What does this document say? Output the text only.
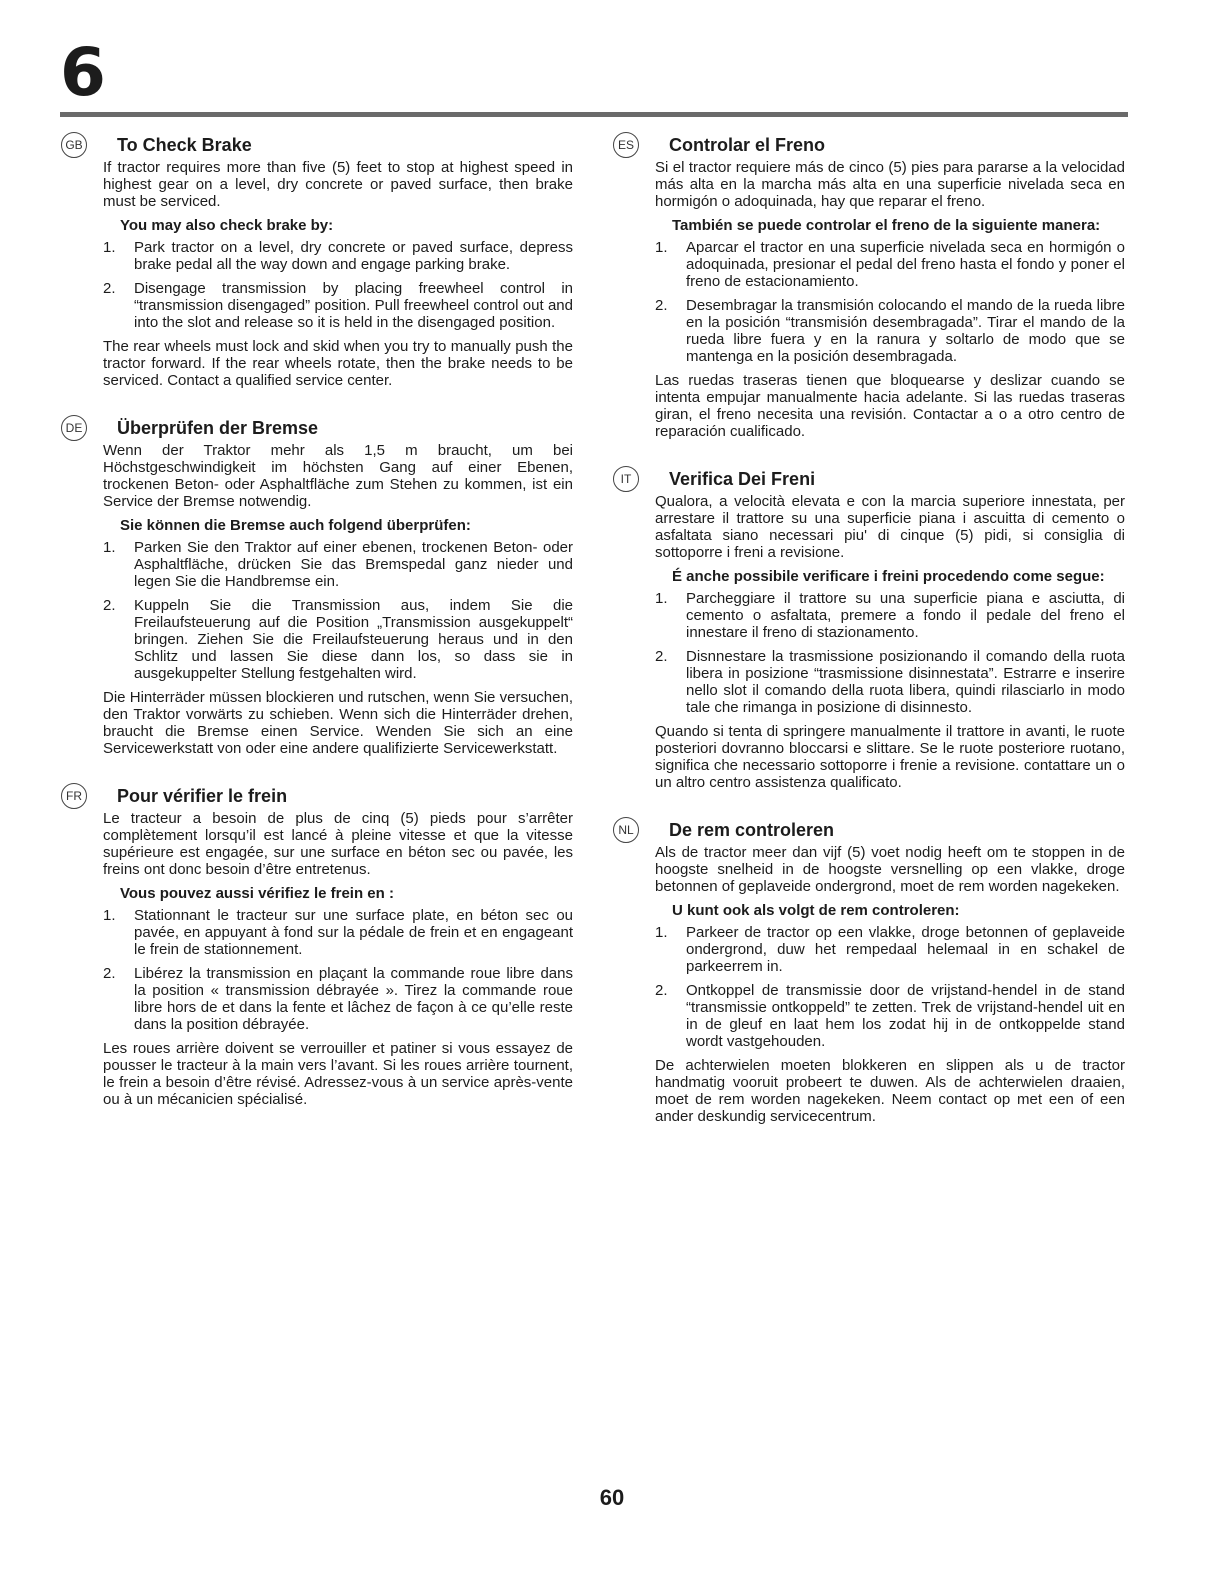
6
GB	To Check Brake

If tractor requires more than five (5) feet to stop at highest speed in highest gear on a level, dry concrete or paved surface, then brake must be serviced.

You may also check brake by:
1.	Park tractor on a level, dry concrete or paved surface, depress brake pedal all the way down and engage parking brake.
2.	Disengage transmission by placing freewheel control in “transmission disengaged” position. Pull freewheel control out and into the slot and release so it is held in the disengaged position.

The rear wheels must lock and skid when you try to manually push the tractor forward. If the rear wheels rotate, then the brake needs to be serviced. Contact a qualified service center.

DE	Überprüfen der Bremse

Wenn der Traktor mehr als 1,5 m braucht, um bei Höchstgeschwindigkeit im höchsten Gang auf einer Ebenen, trockenen Beton- oder Asphaltfläche zum Stehen zu kommen, ist ein Service der Bremse notwendig.

Sie können die Bremse auch folgend überprüfen:
1.	Parken Sie den Traktor auf einer ebenen, trockenen Beton- oder Asphaltfläche, drücken Sie das Bremspedal ganz nieder und legen Sie die Handbremse ein.
2.	Kuppeln Sie die Transmission aus, indem Sie die Freilaufsteuerung auf die Position „Transmission ausgekuppelt“ bringen. Ziehen Sie die Freilaufsteuerung heraus und in den Schlitz und lassen Sie diese dann los, so dass sie in ausgekuppelter Stellung festgehalten wird.

Die Hinterräder müssen blockieren und rutschen, wenn Sie versuchen, den Traktor vorwärts zu schieben. Wenn sich die Hinterräder drehen, braucht die Bremse einen Service. Wenden Sie sich an eine Servicewerkstatt von oder eine andere qualifizierte Servicewerkstatt.

FR	Pour vérifier le frein

Le tracteur a besoin de plus de cinq (5) pieds pour s’arrêter complètement lorsqu’il est lancé à pleine vitesse et que la vitesse supérieure est engagée, sur une surface en béton sec ou pavée, les freins ont donc besoin d’être entretenus.

Vous pouvez aussi vérifiez le frein en :
1.	Stationnant le tracteur sur une surface plate, en béton sec ou pavée, en appuyant à fond sur la pédale de frein et en engageant le frein de stationnement.
2.	Libérez la transmission en plaçant la commande roue libre dans la position « transmission débrayée ». Tirez la commande roue libre hors de et dans la fente et lâchez de façon à ce qu’elle reste dans la position débrayée.

Les roues arrière doivent se verrouiller et patiner si vous essayez de pousser le tracteur à la main vers l’avant. Si les roues arrière tournent, le frein a besoin d’être révisé. Adressez-vous à un service après-vente ou à un mécanicien spécialisé.

ES	Controlar el Freno

Si el tractor requiere más de cinco (5) pies para pararse a la velocidad más alta en la marcha más alta en una superficie nivelada seca en hormigón o adoquinada, hay que reparar el freno.

También se puede controlar el freno de la siguiente manera:
1.	Aparcar el tractor en una superficie nivelada seca en hormigón o adoquinada, presionar el pedal del freno hasta el fondo y poner el freno de estacionamiento.
2.	Desembragar la transmisión colocando el mando de la rueda libre en la posición “transmisión desembragada”. Tirar el mando de la rueda libre fuera y en la ranura y soltarlo de modo que se mantenga en la posición desembragada.

Las ruedas traseras tienen que bloquearse y deslizar cuando se intenta empujar manualmente hacia adelante. Si las ruedas traseras giran, el freno necesita una revisión. Contactar a o a otro centro de reparación cualificado.

IT	Verifica Dei Freni

Qualora, a velocità elevata e con la marcia superiore innestata, per arrestare il trattore su una superficie piana i ascuitta di cemento o asfaltata siano necessari piu' di cinque (5) pidi, si consiglia di sottoporre i freni a revisione.

É anche possibile verificare i freini procedendo come segue:
1.	Parcheggiare il trattore su una superficie piana e asciutta, di cemento o asfaltata, premere a fondo il pedale del freno el innestare il freno di stazionamento.
2.	Disnnestare la trasmissione posizionando il comando della ruota libera in posizione “trasmissione disinnestata”. Estrarre e inserire nello slot il comando della ruota libera, quindi rilasciarlo in modo tale che rimanga in posizione di disinnesto.

Quando si tenta di springere manualmente il trattore in avanti, le ruote posteriori dovranno bloccarsi e slittare. Se le ruote posteriore ruotano, significa che necessario sottoporre i frenie a revisione. contattare un o un altro centro assistenza qualificato.

NL	De rem controleren

Als de tractor meer dan vijf (5) voet nodig heeft om te stoppen in de hoogste snelheid in de hoogste versnelling op een vlakke, droge betonnen of geplaveide ondergrond, moet de rem worden nagekeken.

U kunt ook als volgt de rem controleren:
1.	Parkeer de tractor op een vlakke, droge betonnen of geplaveide ondergrond, duw het rempedaal helemaal in en schakel de parkeerrem in.
2.	Ontkoppel de transmissie door de vrijstand-hendel in de stand “transmissie ontkoppeld” te zetten. Trek de vrijstand-hendel uit en in de gleuf en laat hem los zodat hij in de ontkoppelde stand wordt vastgehouden.

De achterwielen moeten blokkeren en slippen als u de tractor handmatig vooruit probeert te duwen. Als de achterwielen draaien, moet de rem worden nagekeken. Neem contact op met een of een ander deskundig servicecentrum.

60
